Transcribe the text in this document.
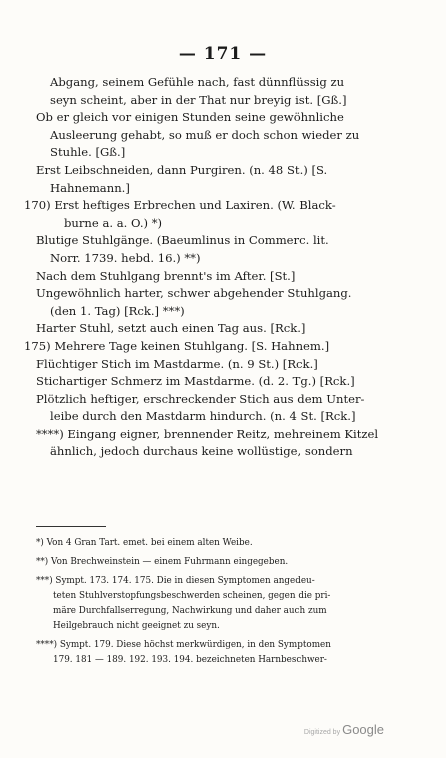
— 171 —
Abgang, seinem Gefühle nach, fast dünnflüssig zu
seyn scheint, aber in der That nur breyig ist. [Gß.]
Ob er gleich vor einigen Stunden seine gewöhnliche
Ausleerung gehabt, so muß er doch schon wieder zu
Stuhle. [Gß.]
Erst Leibschneiden, dann Purgiren. (n. 48 St.) [S.
Hahnemann.]
170) Erst heftiges Erbrechen und Laxiren. (W. Black-
burne a. a. O.) *)
Blutige Stuhlgänge. (Baeumlinus in Commerc. lit.
Norr. 1739. hebd. 16.) **)
Nach dem Stuhlgang brennt's im After. [St.]
Ungewöhnlich harter, schwer abgehender Stuhlgang.
(den 1. Tag) [Rck.] ***)
Harter Stuhl, setzt auch einen Tag aus. [Rck.]
175) Mehrere Tage keinen Stuhlgang. [S. Hahnem.]
Flüchtiger Stich im Mastdarme. (n. 9 St.) [Rck.]
Stichartiger Schmerz im Mastdarme. (d. 2. Tg.) [Rck.]
Plötzlich heftiger, erschreckender Stich aus dem Unter-
leibe durch den Mastdarm hindurch. (n. 4 St. [Rck.]
****) Eingang eigner, brennender Reitz, mehreinem Kitzel
ähnlich, jedoch durchaus keine wollüstige, sondern
*) Von 4 Gran Tart. emet. bei einem alten Weibe.
**) Von Brechweinstein — einem Fuhrmann eingegeben.
***) Sympt. 173. 174. 175. Die in diesen Symptomen angedeu-
teten Stuhlverstopfungsbeschwerden scheinen, gegen die pri-
märe Durchfallserregung, Nachwirkung und daher auch zum
Heilgebrauch nicht geeignet zu seyn.
****) Sympt. 179. Diese höchst merkwürdigen, in den Symptomen
179. 181 — 189. 192. 193. 194. bezeichneten Harnbeschwer-
Digitized by Google
